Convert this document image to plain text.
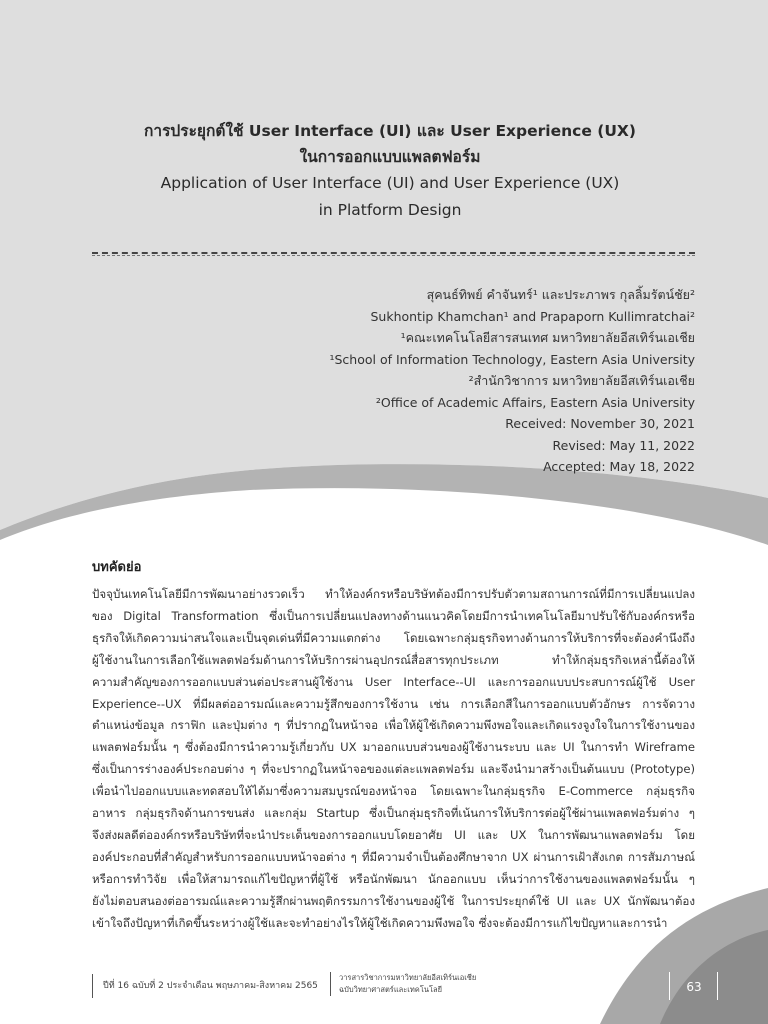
การประยุกต์ใช้ User Interface (UI) และ User Experience (UX)
ในการออกแบบแพลตฟอร์ม
Application of User Interface (UI) and User Experience (UX)
in Platform Design
สุคนธ์ทิพย์ คำจันทร์¹ และประภาพร กุลลิ้มรัตน์ชัย²
Sukhontip Khamchan¹ and Prapaporn Kullimratchai²
¹คณะเทคโนโลยีสารสนเทศ มหาวิทยาลัยอีสเทิร์นเอเชีย
¹School of Information Technology, Eastern Asia University
²สำนักวิชาการ มหาวิทยาลัยอีสเทิร์นเอเชีย
²Office of Academic Affairs, Eastern Asia University
Received: November 30, 2021
Revised: May 11, 2022
Accepted: May 18, 2022
บทคัดย่อ
ปัจจุบันเทคโนโลยีมีการพัฒนาอย่างรวดเร็ว ทำให้องค์กรหรือบริษัทต้องมีการปรับตัวตามสถานการณ์ที่มีการเปลี่ยนแปลง
ของ Digital Transformation ซึ่งเป็นการเปลี่ยนแปลงทางด้านแนวคิดโดยมีการนำเทคโนโลยีมาปรับใช้กับองค์กรหรือ
ธุรกิจให้เกิดความน่าสนใจและเป็นจุดเด่นที่มีความแตกต่าง โดยเฉพาะกลุ่มธุรกิจทางด้านการให้บริการที่จะต้องคำนึงถึง
ผู้ใช้งานในการเลือกใช้แพลตฟอร์มด้านการให้บริการผ่านอุปกรณ์สื่อสารทุกประเภท ทำให้กลุ่มธุรกิจเหล่านี้ต้องให้
ความสำคัญของการออกแบบส่วนต่อประสานผู้ใช้งาน User Interface--UI และการออกแบบประสบการณ์ผู้ใช้ User
Experience--UX ที่มีผลต่ออารมณ์และความรู้สึกของการใช้งาน เช่น การเลือกสีในการออกแบบตัวอักษร การจัดวาง
ตำแหน่งข้อมูล กราฟิก และปุ่มต่าง ๆ ที่ปรากฏในหน้าจอ เพื่อให้ผู้ใช้เกิดความพึงพอใจและเกิดแรงจูงใจในการใช้งานของ
แพลตฟอร์มนั้น ๆ ซึ่งต้องมีการนำความรู้เกี่ยวกับ UX มาออกแบบส่วนของผู้ใช้งานระบบ และ UI ในการทำ Wireframe
ซึ่งเป็นการร่างองค์ประกอบต่าง ๆ ที่จะปรากฏในหน้าจอของแต่ละแพลตฟอร์ม และจึงนำมาสร้างเป็นต้นแบบ (Prototype)
เพื่อนำไปออกแบบและทดสอบให้ได้มาซึ่งความสมบูรณ์ของหน้าจอ โดยเฉพาะในกลุ่มธุรกิจ E-Commerce กลุ่มธุรกิจ
อาหาร กลุ่มธุรกิจด้านการขนส่ง และกลุ่ม Startup ซึ่งเป็นกลุ่มธุรกิจที่เน้นการให้บริการต่อผู้ใช้ผ่านแพลตฟอร์มต่าง ๆ
จึงส่งผลดีต่อองค์กรหรือบริษัทที่จะนำประเด็นของการออกแบบโดยอาศัย UI และ UX ในการพัฒนาแพลตฟอร์ม โดย
องค์ประกอบที่สำคัญสำหรับการออกแบบหน้าจอต่าง ๆ ที่มีความจำเป็นต้องศึกษาจาก UX ผ่านการเฝ้าสังเกต การสัมภาษณ์
หรือการทำวิจัย เพื่อให้สามารถแก้ไขปัญหาที่ผู้ใช้ หรือนักพัฒนา นักออกแบบ เห็นว่าการใช้งานของแพลตฟอร์มนั้น ๆ
ยังไม่ตอบสนองต่ออารมณ์และความรู้สึกผ่านพฤติกรรมการใช้งานของผู้ใช้ ในการประยุกต์ใช้ UI และ UX นักพัฒนาต้อง
เข้าใจถึงปัญหาที่เกิดขึ้นระหว่างผู้ใช้และจะทำอย่างไรให้ผู้ใช้เกิดความพึงพอใจ ซึ่งจะต้องมีการแก้ไขปัญหาและการนำ
ปีที่ 16 ฉบับที่ 2 ประจำเดือน พฤษภาคม-สิงหาคม 2565
วารสารวิชาการมหาวิทยาลัยอีสเทิร์นเอเชีย
ฉบับวิทยาศาสตร์และเทคโนโลยี	63
